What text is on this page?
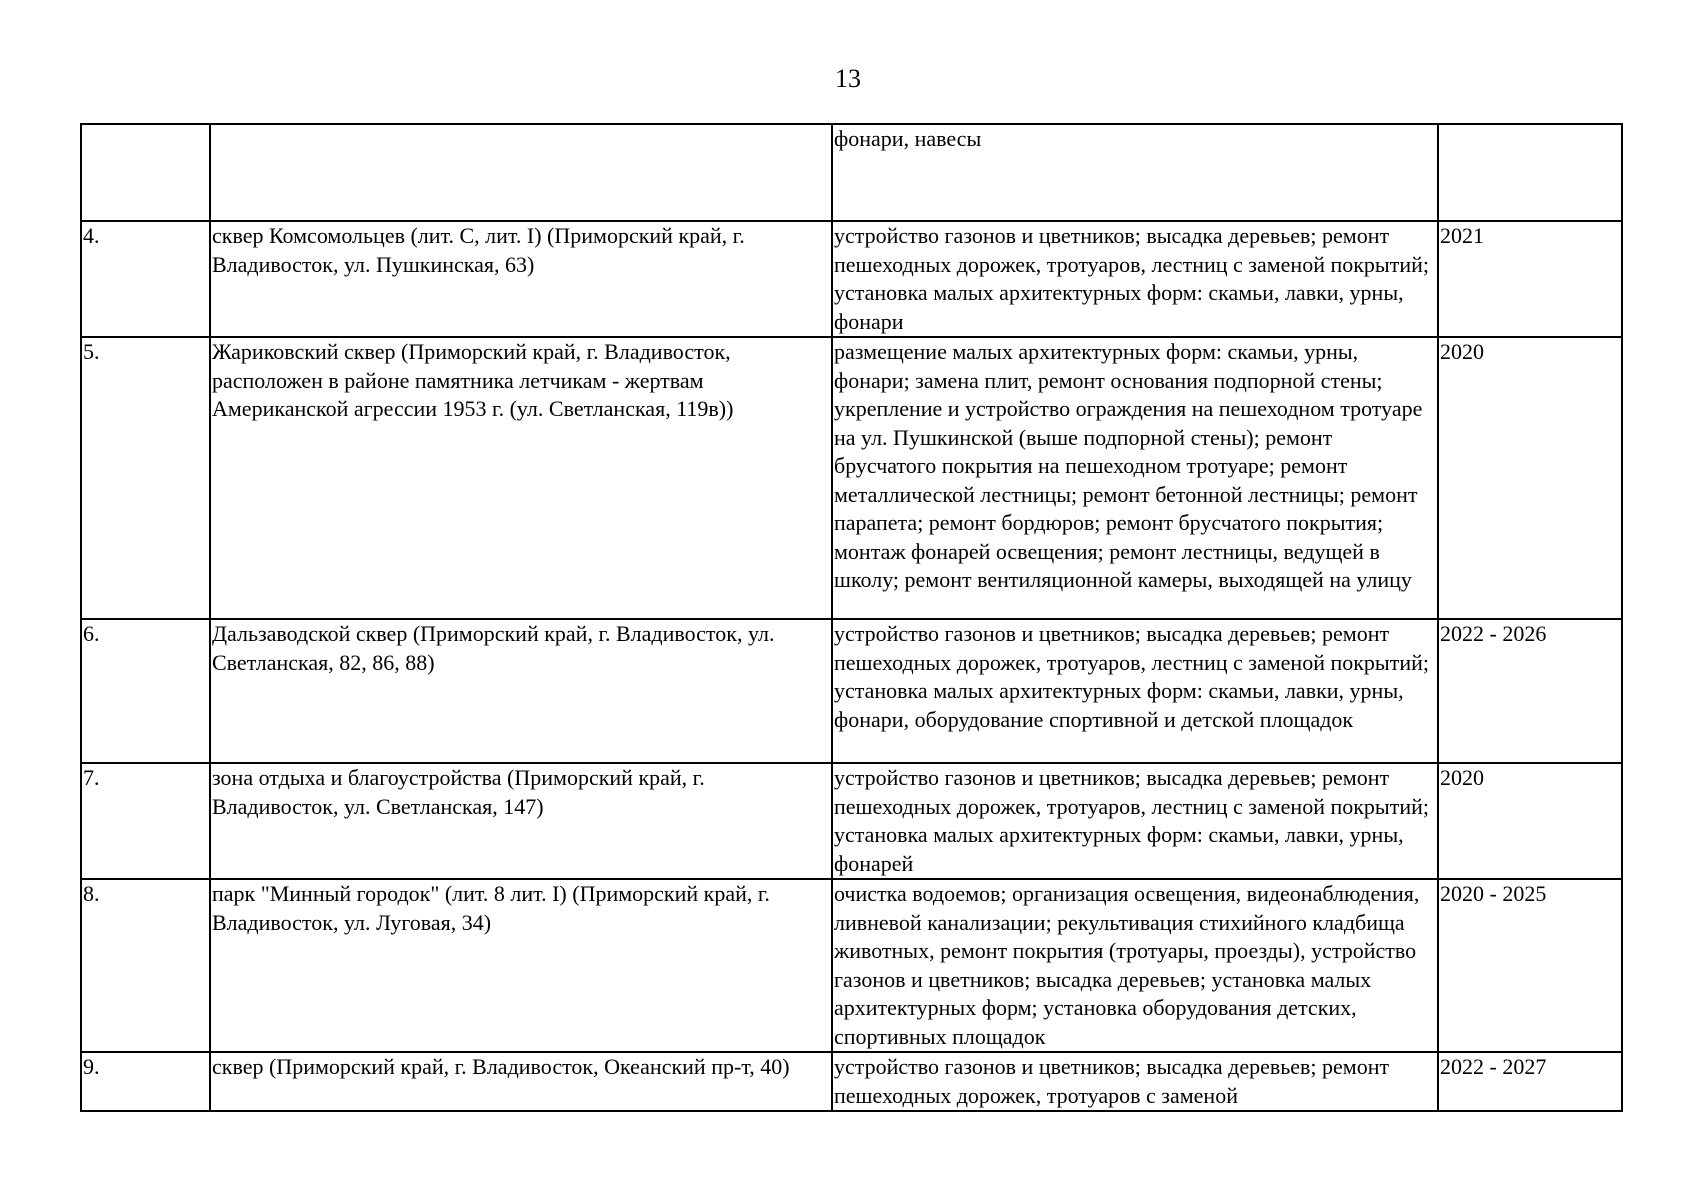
13
		фонари, навесы	
4.	сквер Комсомольцев (лит. С, лит. I) (Приморский край, г. Владивосток, ул. Пушкинская, 63)	устройство газонов и цветников; высадка деревьев; ремонт пешеходных дорожек, тротуаров, лестниц с заменой покрытий; установка малых архитектурных форм: скамьи, лавки, урны, фонари	2021
5.	Жариковский сквер (Приморский край, г. Владивосток, расположен в районе памятника летчикам - жертвам Американской агрессии 1953 г. (ул. Светланская, 119в))	размещение малых архитектурных форм: скамьи, урны, фонари; замена плит, ремонт основания подпорной стены; укрепление и устройство ограждения на пешеходном тротуаре на ул. Пушкинской (выше подпорной стены); ремонт брусчатого покрытия на пешеходном тротуаре; ремонт металлической лестницы; ремонт бетонной лестницы; ремонт парапета; ремонт бордюров; ремонт брусчатого покрытия; монтаж фонарей освещения; ремонт лестницы, ведущей в школу; ремонт вентиляционной камеры, выходящей на улицу	2020
6.	Дальзаводской сквер (Приморский край, г. Владивосток, ул. Светланская, 82, 86, 88)	устройство газонов и цветников; высадка деревьев; ремонт пешеходных дорожек, тротуаров, лестниц с заменой покрытий; установка малых архитектурных форм: скамьи, лавки, урны, фонари, оборудование спортивной и детской площадок	2022 - 2026
7.	зона отдыха и благоустройства (Приморский край, г. Владивосток, ул. Светланская, 147)	устройство газонов и цветников; высадка деревьев; ремонт пешеходных дорожек, тротуаров, лестниц с заменой покрытий; установка малых архитектурных форм: скамьи, лавки, урны, фонарей	2020
8.	парк "Минный городок" (лит. 8 лит. I) (Приморский край, г. Владивосток, ул. Луговая, 34)	очистка водоемов; организация освещения, видеонаблюдения, ливневой канализации; рекультивация стихийного кладбища животных, ремонт покрытия (тротуары, проезды), устройство газонов и цветников; высадка деревьев; установка малых архитектурных форм; установка оборудования детских, спортивных площадок	2020 - 2025
9.	сквер (Приморский край, г. Владивосток, Океанский пр-т, 40)	устройство газонов и цветников; высадка деревьев; ремонт пешеходных дорожек, тротуаров с заменой	2022 - 2027
